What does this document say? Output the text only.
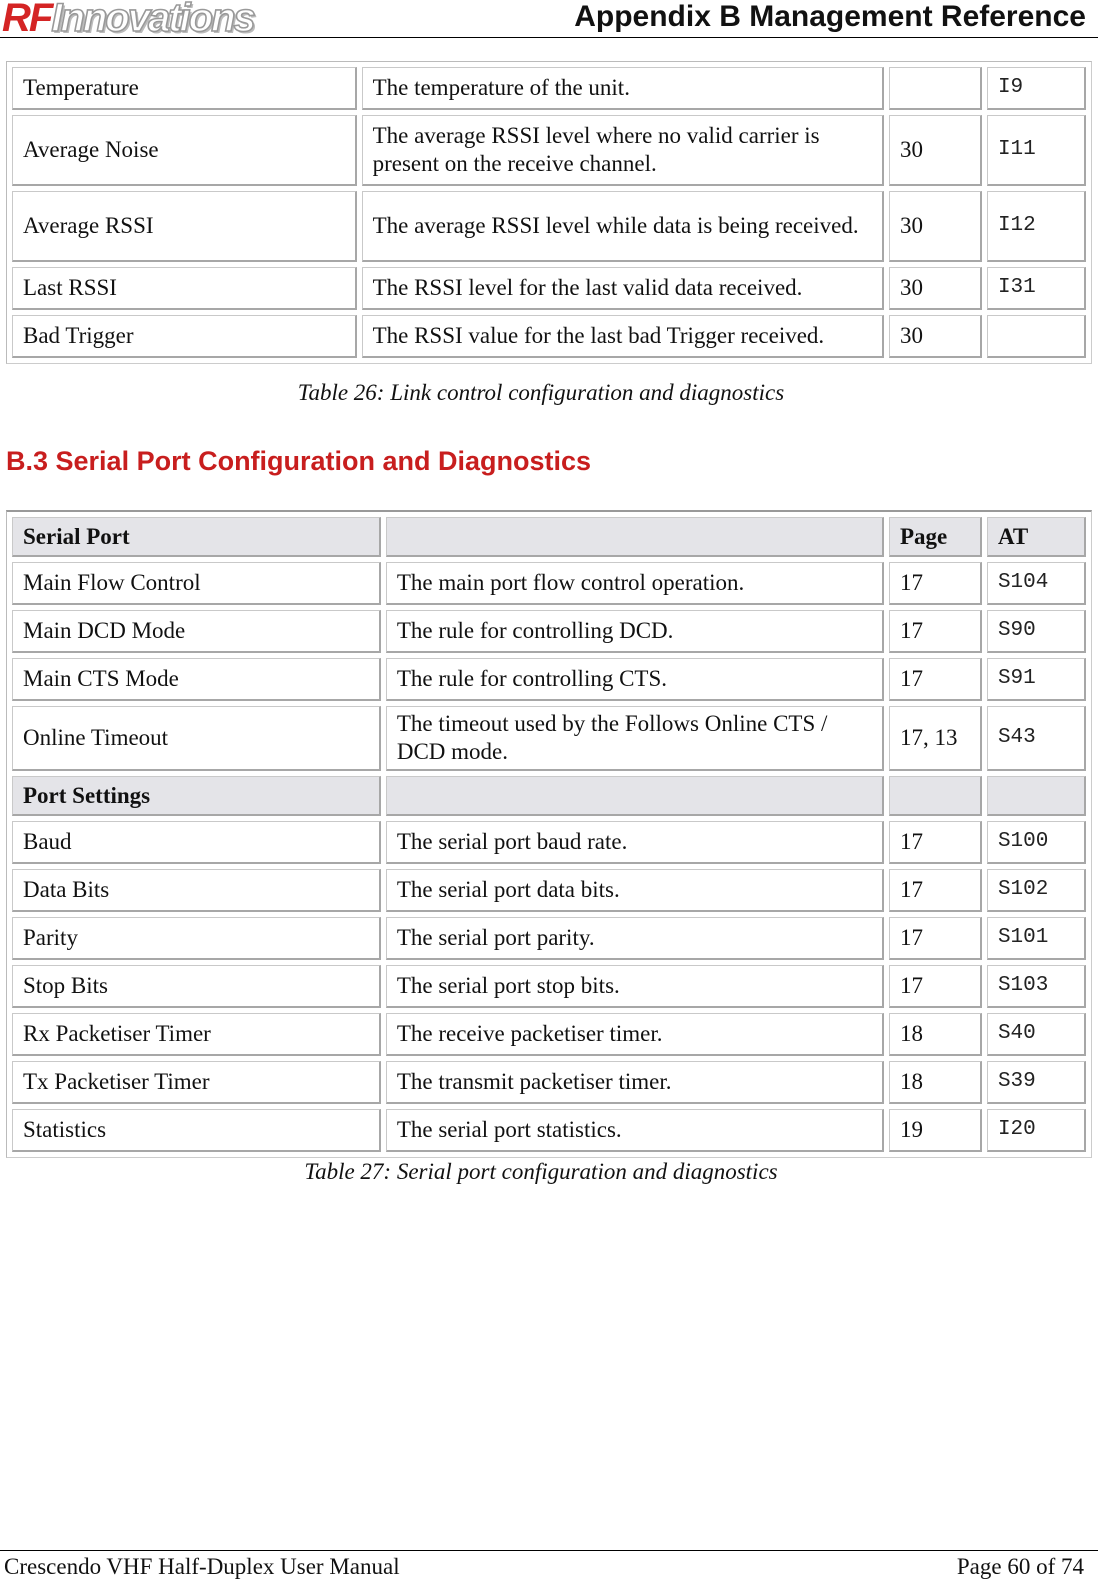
RFInnovations	Appendix B Management Reference
Temperature	The temperature of the unit.		I9
Average Noise	The average RSSI level where no valid carrier is present on the receive channel.	30	I11
Average RSSI	The average RSSI level while data is being received.	30	I12
Last RSSI	The RSSI level for the last valid data received.	30	I31
Bad Trigger	The RSSI value for the last bad Trigger received.	30	
Table 26: Link control configuration and diagnostics
B.3 Serial Port Configuration and Diagnostics
Serial Port		Page	AT
Main Flow Control	The main port flow control operation.	17	S104
Main DCD Mode	The rule for controlling DCD.	17	S90
Main CTS Mode	The rule for controlling CTS.	17	S91
Online Timeout	The timeout used by the Follows Online CTS / DCD mode.	17, 13	S43
Port Settings			
Baud	The serial port baud rate.	17	S100
Data Bits	The serial port data bits.	17	S102
Parity	The serial port parity.	17	S101
Stop Bits	The serial port stop bits.	17	S103
Rx Packetiser Timer	The receive packetiser timer.	18	S40
Tx Packetiser Timer	The transmit packetiser timer.	18	S39
Statistics	The serial port statistics.	19	I20
Table 27: Serial port configuration and diagnostics
Crescendo VHF Half-Duplex User Manual	Page 60 of 74
